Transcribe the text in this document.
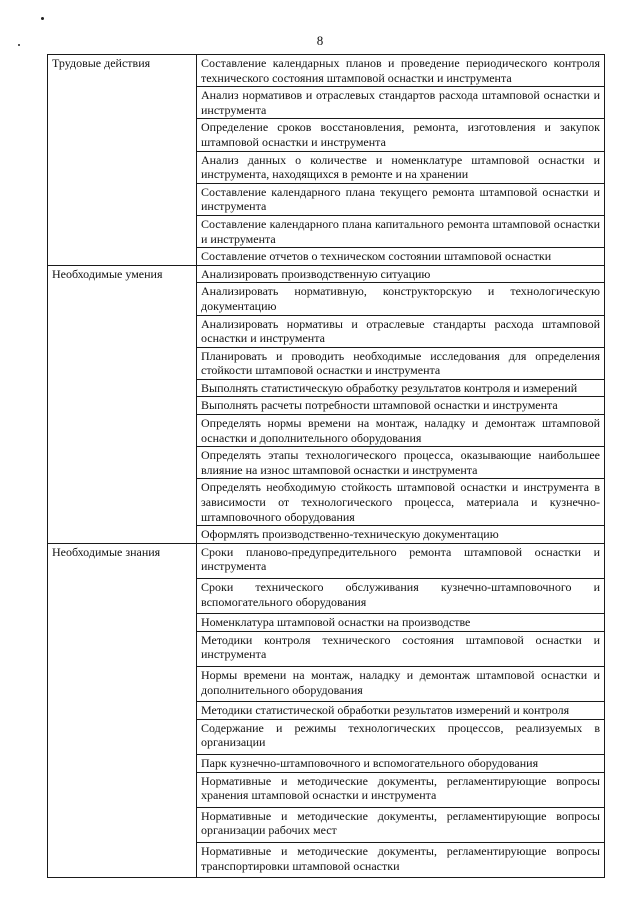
8
Трудовые действия	Составление календарных планов и проведение периодического контроля технического состояния штамповой оснастки и инструмента
	Анализ нормативов и отраслевых стандартов расхода штамповой оснастки и инструмента
	Определение сроков восстановления, ремонта, изготовления и закупок штамповой оснастки и инструмента
	Анализ данных о количестве и номенклатуре штамповой оснастки и инструмента, находящихся в ремонте и на хранении
	Составление календарного плана текущего ремонта штамповой оснастки и инструмента
	Составление календарного плана капитального ремонта штамповой оснастки и инструмента
	Составление отчетов о техническом состоянии штамповой оснастки
Необходимые умения	Анализировать производственную ситуацию
	Анализировать нормативную, конструкторскую и технологическую документацию
	Анализировать нормативы и отраслевые стандарты расхода штамповой оснастки и инструмента
	Планировать и проводить необходимые исследования для определения стойкости штамповой оснастки и инструмента
	Выполнять статистическую обработку результатов контроля и измерений
	Выполнять расчеты потребности штамповой оснастки и инструмента
	Определять нормы времени на монтаж, наладку и демонтаж штамповой оснастки и дополнительного оборудования
	Определять этапы технологического процесса, оказывающие наибольшее влияние на износ штамповой оснастки и инструмента
	Определять необходимую стойкость штамповой оснастки и инструмента в зависимости от технологического процесса, материала и кузнечно-штамповочного оборудования
	Оформлять производственно-техническую документацию
Необходимые знания	Сроки планово-предупредительного ремонта штамповой оснастки и инструмента
	Сроки технического обслуживания кузнечно-штамповочного и вспомогательного оборудования
	Номенклатура штамповой оснастки на производстве
	Методики контроля технического состояния штамповой оснастки и инструмента
	Нормы времени на монтаж, наладку и демонтаж штамповой оснастки и дополнительного оборудования
	Методики статистической обработки результатов измерений и контроля
	Содержание и режимы технологических процессов, реализуемых в организации
	Парк кузнечно-штамповочного и вспомогательного оборудования
	Нормативные и методические документы, регламентирующие вопросы хранения штамповой оснастки и инструмента
	Нормативные и методические документы, регламентирующие вопросы организации рабочих мест
	Нормативные и методические документы, регламентирующие вопросы транспортировки штамповой оснастки
